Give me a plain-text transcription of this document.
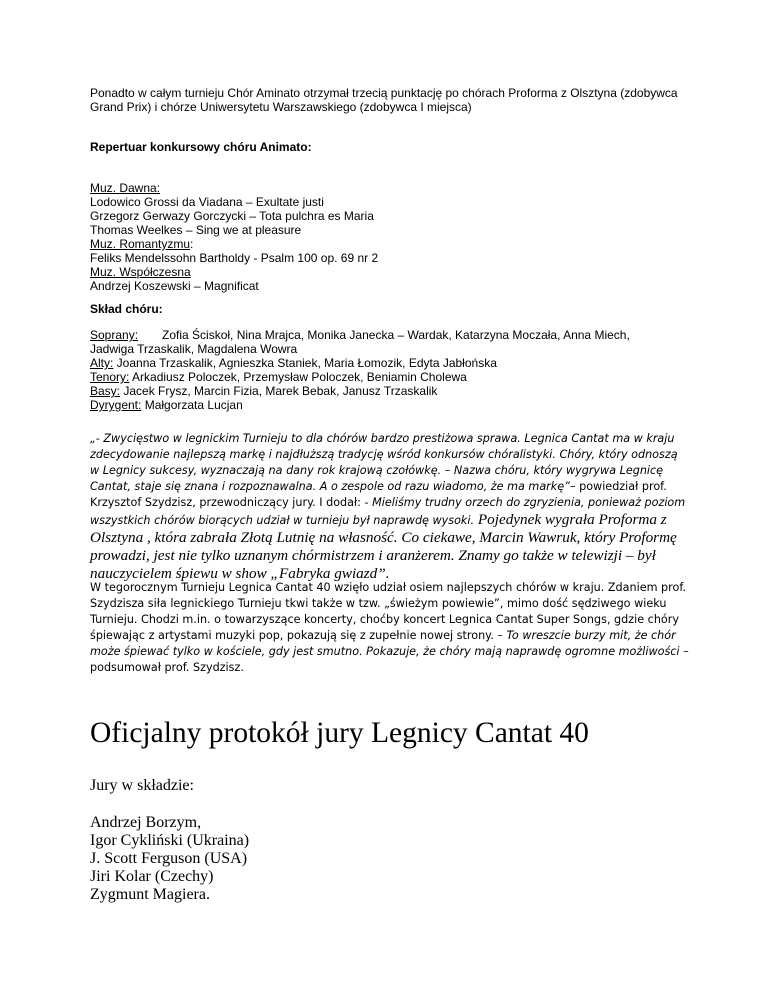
Ponadto w całym turnieju Chór Aminato otrzymał trzecią punktację po chórach Proforma z Olsztyna (zdobywca Grand Prix) i chórze Uniwersytetu Warszawskiego (zdobywca I miejsca)

Repertuar konkursowy chóru Animato:

Muz. Dawna:
Lodowico Grossi da Viadana – Exultate justi
Grzegorz Gerwazy Gorczycki – Tota pulchra es Maria
Thomas Weelkes – Sing we at pleasure
Muz. Romantyzmu:
Feliks Mendelssohn Bartholdy - Psalm 100 op. 69 nr 2
Muz. Współczesna
Andrzej Koszewski – Magnificat

Skład chóru:

Soprany: Zofia Ściskoł, Nina Mrajca, Monika Janecka – Wardak, Katarzyna Moczała, Anna Miech,
Jadwiga Trzaskalik, Magdalena Wowra
Alty: Joanna Trzaskalik, Agnieszka Staniek, Maria Łomozik, Edyta Jabłońska
Tenory: Arkadiusz Poloczek, Przemysław Poloczek, Beniamin Cholewa
Basy: Jacek Frysz, Marcin Fizia, Marek Bebak, Janusz Trzaskalik
Dyrygent: Małgorzata Lucjan

„- Zwycięstwo w legnickim Turnieju to dla chórów bardzo prestiżowa sprawa. Legnica Cantat ma w kraju zdecydowanie najlepszą markę i najdłuższą tradycję wśród konkursów chóralistyki. Chóry, który odnoszą w Legnicy sukcesy, wyznaczają na dany rok krajową czołówkę. – Nazwa chóru, który wygrywa Legnicę Cantat, staje się znana i rozpoznawalna. A o zespole od razu wiadomo, że ma markę”– powiedział prof. Krzysztof Szydzisz, przewodniczący jury. I dodał: - Mieliśmy trudny orzech do zgryzienia, ponieważ poziom wszystkich chórów biorących udział w turnieju był naprawdę wysoki. Pojedynek wygrała Proforma z Olsztyna , która zabrała Złotą Lutnię na własność. Co ciekawe, Marcin Wawruk, który Proformę prowadzi, jest nie tylko uznanym chórmistrzem i aranżerem. Znamy go także w telewizji – był nauczycielem śpiewu w show „Fabryka gwiazd”.

W tegorocznym Turnieju Legnica Cantat 40 wzięło udział osiem najlepszych chórów w kraju. Zdaniem prof. Szydzisza siła legnickiego Turnieju tkwi także w tzw. „świeżym powiewie”, mimo dość sędziwego wieku Turnieju. Chodzi m.in. o towarzyszące koncerty, choćby koncert Legnica Cantat Super Songs, gdzie chóry śpiewając z artystami muzyki pop, pokazują się z zupełnie nowej strony. – To wreszcie burzy mit, że chór może śpiewać tylko w kościele, gdy jest smutno. Pokazuje, że chóry mają naprawdę ogromne możliwości – podsumował prof. Szydzisz.

Oficjalny protokół jury Legnicy Cantat 40

Jury w składzie:

Andrzej Borzym,
Igor Cykliński (Ukraina)
J. Scott Ferguson (USA)
Jiri Kolar (Czechy)
Zygmunt Magiera.
